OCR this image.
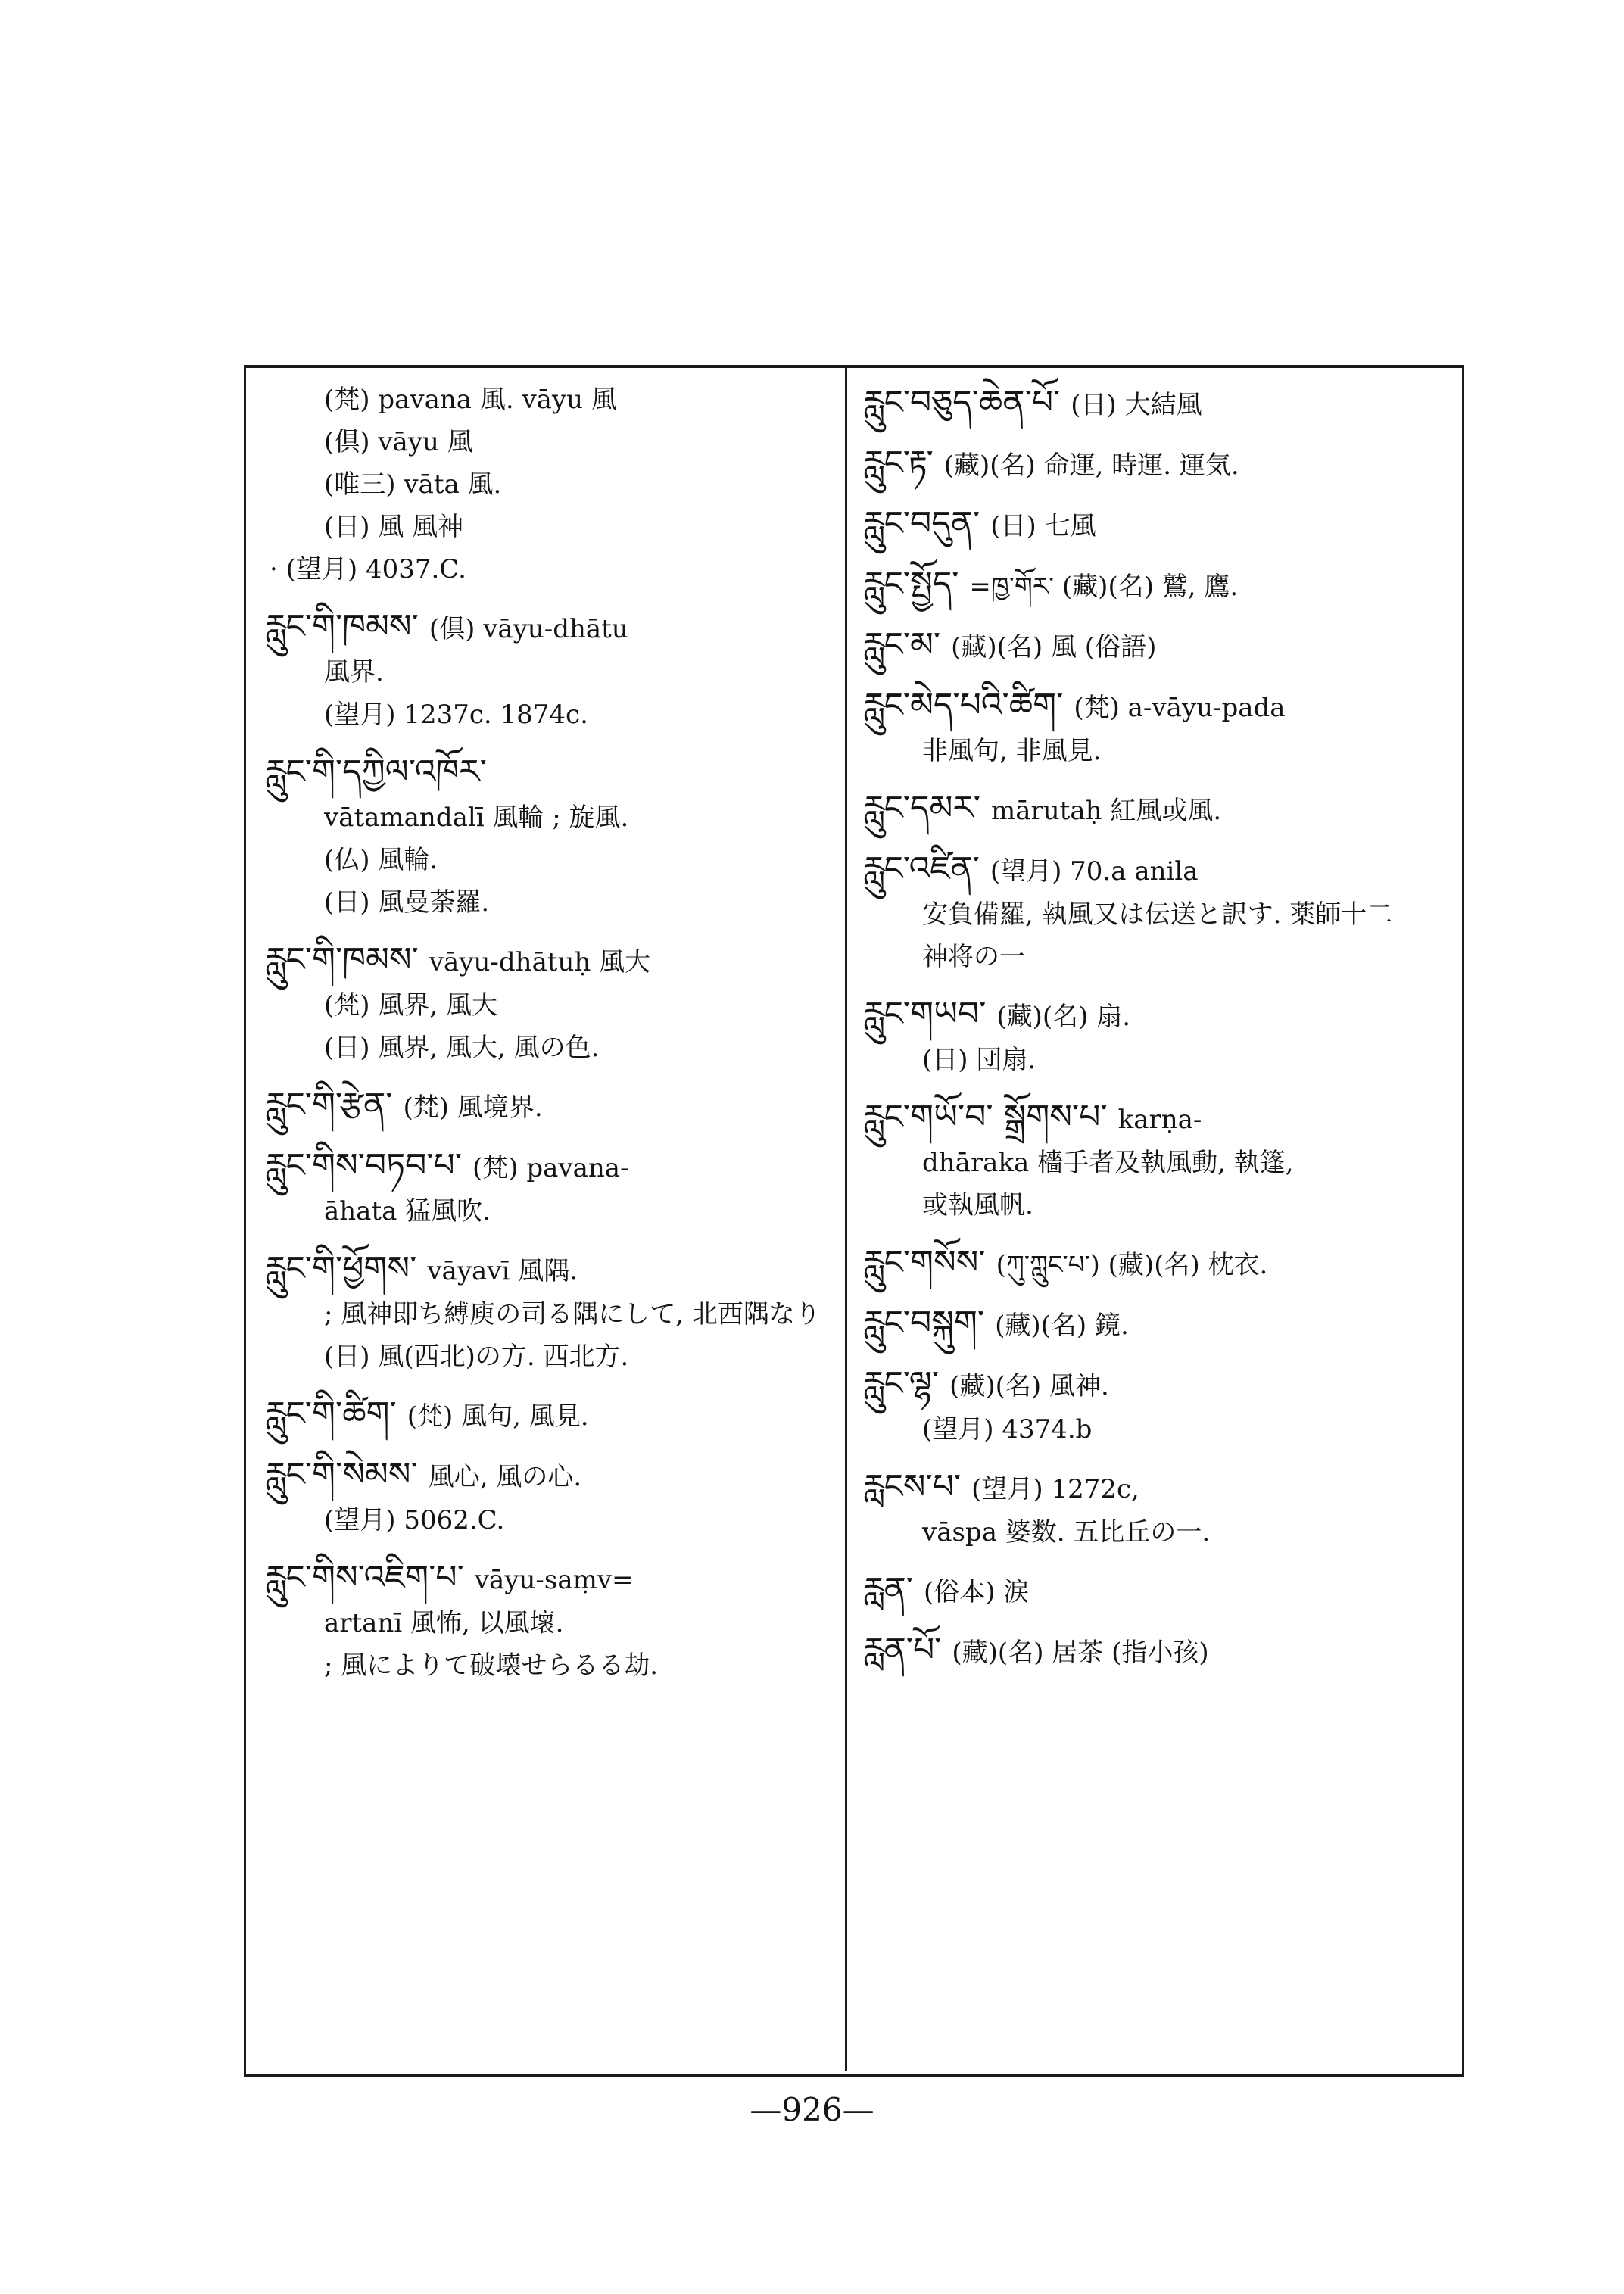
(梵) pavana 風. vāyu 風
(倶) vāyu 風
(唯三) vāta 風.
(日) 風 風神
· (望月) 4037.C.
རླུང་གི་ཁམས་ (倶) vāyu-dhātu
風界.
(望月) 1237c. 1874c.
རླུང་གི་དཀྱིལ་འཁོར་
vātamandalī 風輪 ; 旋風.
(仏) 風輪.
(日) 風曼荼羅.
རླུང་གི་ཁམས་ vāyu-dhātuḥ 風大
(梵) 風界, 風大
(日) 風界, 風大, 風の色.
རླུང་གི་རྩེན་ (梵) 風境界.
རླུང་གིས་བཏབ་པ་ (梵) pavana-
āhata 猛風吹.
རླུང་གི་ཕྱོགས་ vāyavī 風隅.
; 風神即ち縛庾の司る隅にして, 北西隅なり
(日) 風(西北)の方. 西北方.
རླུང་གི་ཚིག་ (梵) 風句, 風見.
རླུང་གི་སེམས་ 風心, 風の心.
(望月) 5062.C.
རླུང་གིས་འཇིག་པ་ vāyu-saṃv=
artanī 風怖, 以風壞.
; 風によりて破壊せらるる劫.
རླུང་བཅུད་ཆེན་པོ་ (日) 大結風
རླུང་རྟ་ (藏)(名) 命運, 時運. 運気.
རླུང་བདུན་ (日) 七風
རླུང་སྤྱོད་ =ཁྱ་གོར་ (藏)(名) 鷲, 鷹.
རླུང་མ་ (藏)(名) 風 (俗語)
རླུང་མེད་པའི་ཚིག་ (梵) a-vāyu-pada
非風句, 非風見.
རླུང་དམར་ mārutaḥ 紅風或風.
རླུང་འཛིན་ (望月) 70.a anila
安負備羅, 執風又は伝送と訳す. 薬師十二
神将の一
རླུང་གཡབ་ (藏)(名) 扇.
(日) 団扇.
རླུང་གཡོ་བ་ སྒྲོགས་པ་ karṇa-
dhāraka 檣手者及執風動, 執篷,
或執風帆.
རླུང་གསོས་ (ཀུ་ཀླུང་པ་) (藏)(名) 枕衣.
རླུང་བསྐུག་ (藏)(名) 鏡.
རླུང་ལྷ་ (藏)(名) 風神.
(望月) 4374.b
རླངས་པ་ (望月) 1272c,
vāspa 婆数. 五比丘の一.
རླན་ (俗本) 涙
རླན་པོ་ (藏)(名) 居茶 (指小孩)
—926—
